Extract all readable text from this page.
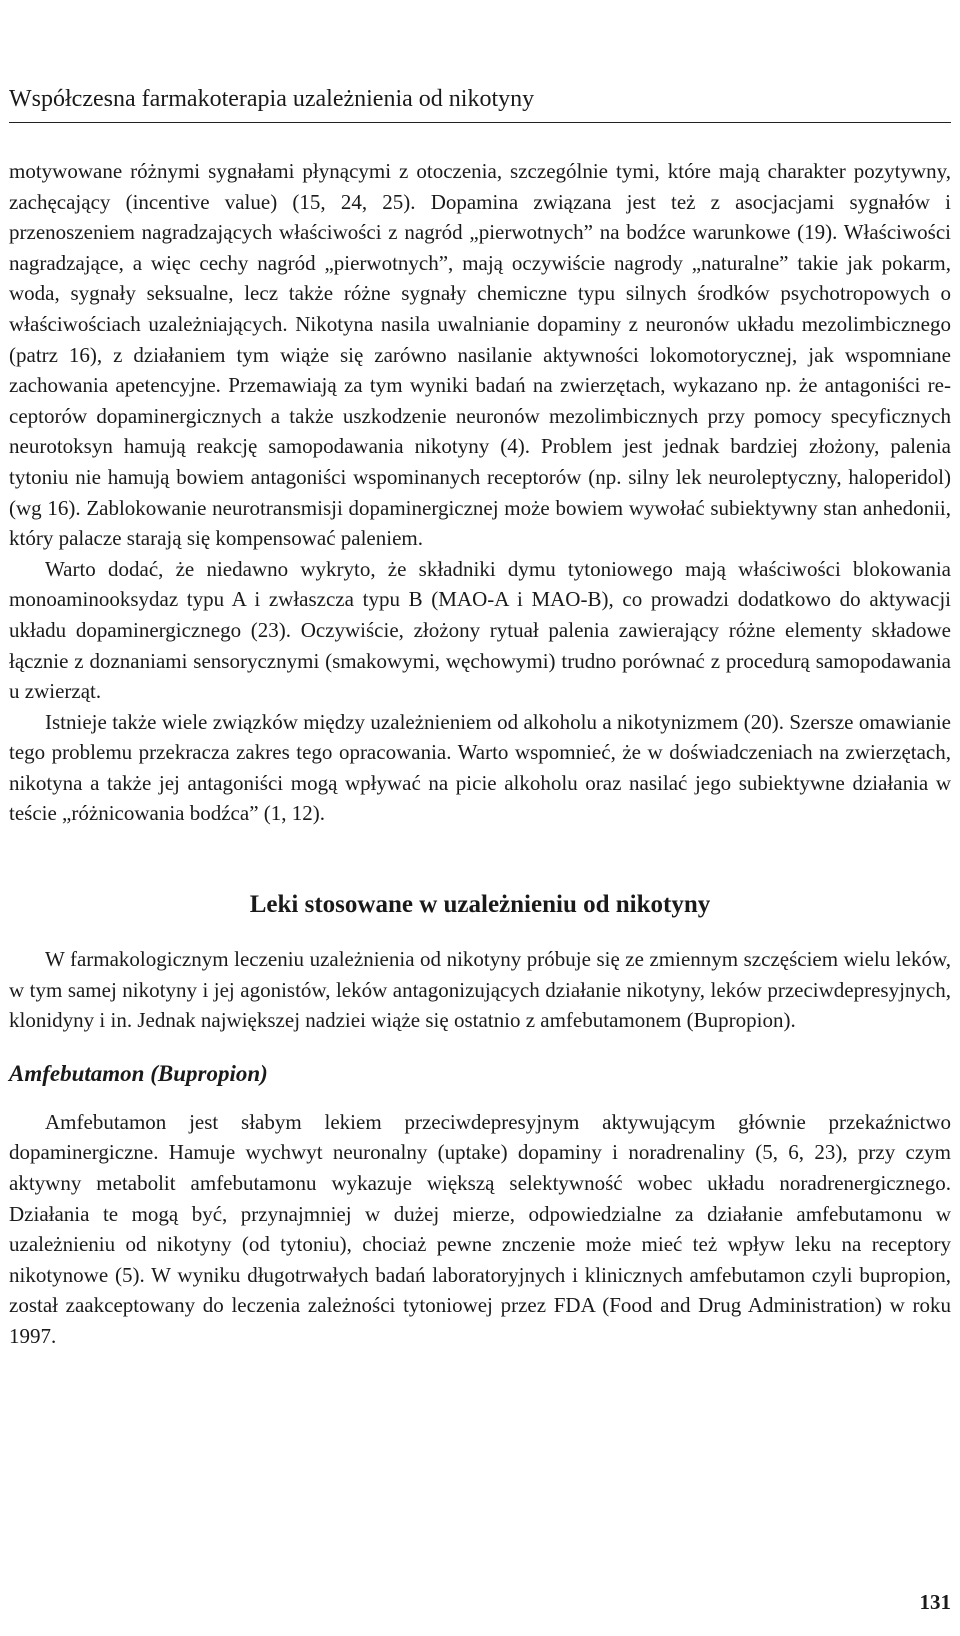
Współczesna farmakoterapia uzależnienia od nikotyny

motywowane różnymi sygnałami płynącymi z otoczenia, szczególnie tymi, które mają charakter pozytywny, zachęcający (incentive value) (15, 24, 25). Dopamina związana jest też z asocjacjami sygnałów i przenoszeniem nagradzających właściwości z nagród „pierwotnych” na bodźce warunkowe (19). Właściwości nagradzające, a więc cechy nagród „pierwotnych”, mają oczywiście nagrody „naturalne” takie jak pokarm, woda, sygnały seksualne, lecz także różne sygnały chemiczne typu silnych środków psychotropowych o właściwościach uzależniających. Nikotyna nasila uwalnianie dopaminy z neuronów układu mezolimbicznego (patrz 16), z działaniem tym wiąże się zarówno nasilanie aktywności lokomotorycznej, jak wspomniane zachowania apetencyjne. Przemawiają za tym wyniki badań na zwierzętach, wykazano np. że antagoniści receptorów dopaminergicznych a także uszkodzenie neuronów mezolimbicznych przy pomocy specyficznych neurotoksyn hamują reakcję samopodawania nikotyny (4). Problem jest jednak bardziej złożony, palenia tytoniu nie hamują bowiem antagoniści wspominanych receptorów (np. silny lek neuroleptyczny, haloperidol) (wg 16). Zablokowanie neurotransmisji dopaminergicznej może bowiem wywołać subiektywny stan anhedonii, który palacze starają się kompensować paleniem.

Warto dodać, że niedawno wykryto, że składniki dymu tytoniowego mają właściwości blokowania monoaminooksydaz typu A i zwłaszcza typu B (MAO-A i MAO-B), co prowadzi dodatkowo do aktywacji układu dopaminergicznego (23). Oczywiście, złożony rytuał palenia zawierający różne elementy składowe łącznie z doznaniami sensorycznymi (smakowymi, węchowymi) trudno porównać z procedurą samopodawania u zwierząt.

Istnieje także wiele związków między uzależnieniem od alkoholu a nikotynizmem (20). Szersze omawianie tego problemu przekracza zakres tego opracowania. Warto wspomnieć, że w doświadczeniach na zwierzętach, nikotyna a także jej antagoniści mogą wpływać na picie alkoholu oraz nasilać jego subiektywne działania w teście „różnicowania bodźca” (1, 12).

Leki stosowane w uzależnieniu od nikotyny

W farmakologicznym leczeniu uzależnienia od nikotyny próbuje się ze zmiennym szczęściem wielu leków, w tym samej nikotyny i jej agonistów, leków antagonizujących działanie nikotyny, leków przeciwdepresyjnych, klonidyny i in. Jednak największej nadziei wiąże się ostatnio z amfebutamonem (Bupropion).

Amfebutamon (Bupropion)

Amfebutamon jest słabym lekiem przeciwdepresyjnym aktywującym głównie przekaźnictwo dopaminergiczne. Hamuje wychwyt neuronalny (uptake) dopaminy i noradrenaliny (5, 6, 23), przy czym aktywny metabolit amfebutamonu wykazuje większą selektywność wobec układu noradrenergicznego. Działania te mogą być, przynajmniej w dużej mierze, odpowiedzialne za działanie amfebutamonu w uzależnieniu od nikotyny (od tytoniu), chociaż pewne znczenie może mieć też wpływ leku na receptory nikotynowe (5). W wyniku długotrwałych badań laboratoryjnych i klinicznych amfebutamon czyli bupropion, został zaakceptowany do leczenia zależności tytoniowej przez FDA (Food and Drug Administration) w roku 1997.

131
